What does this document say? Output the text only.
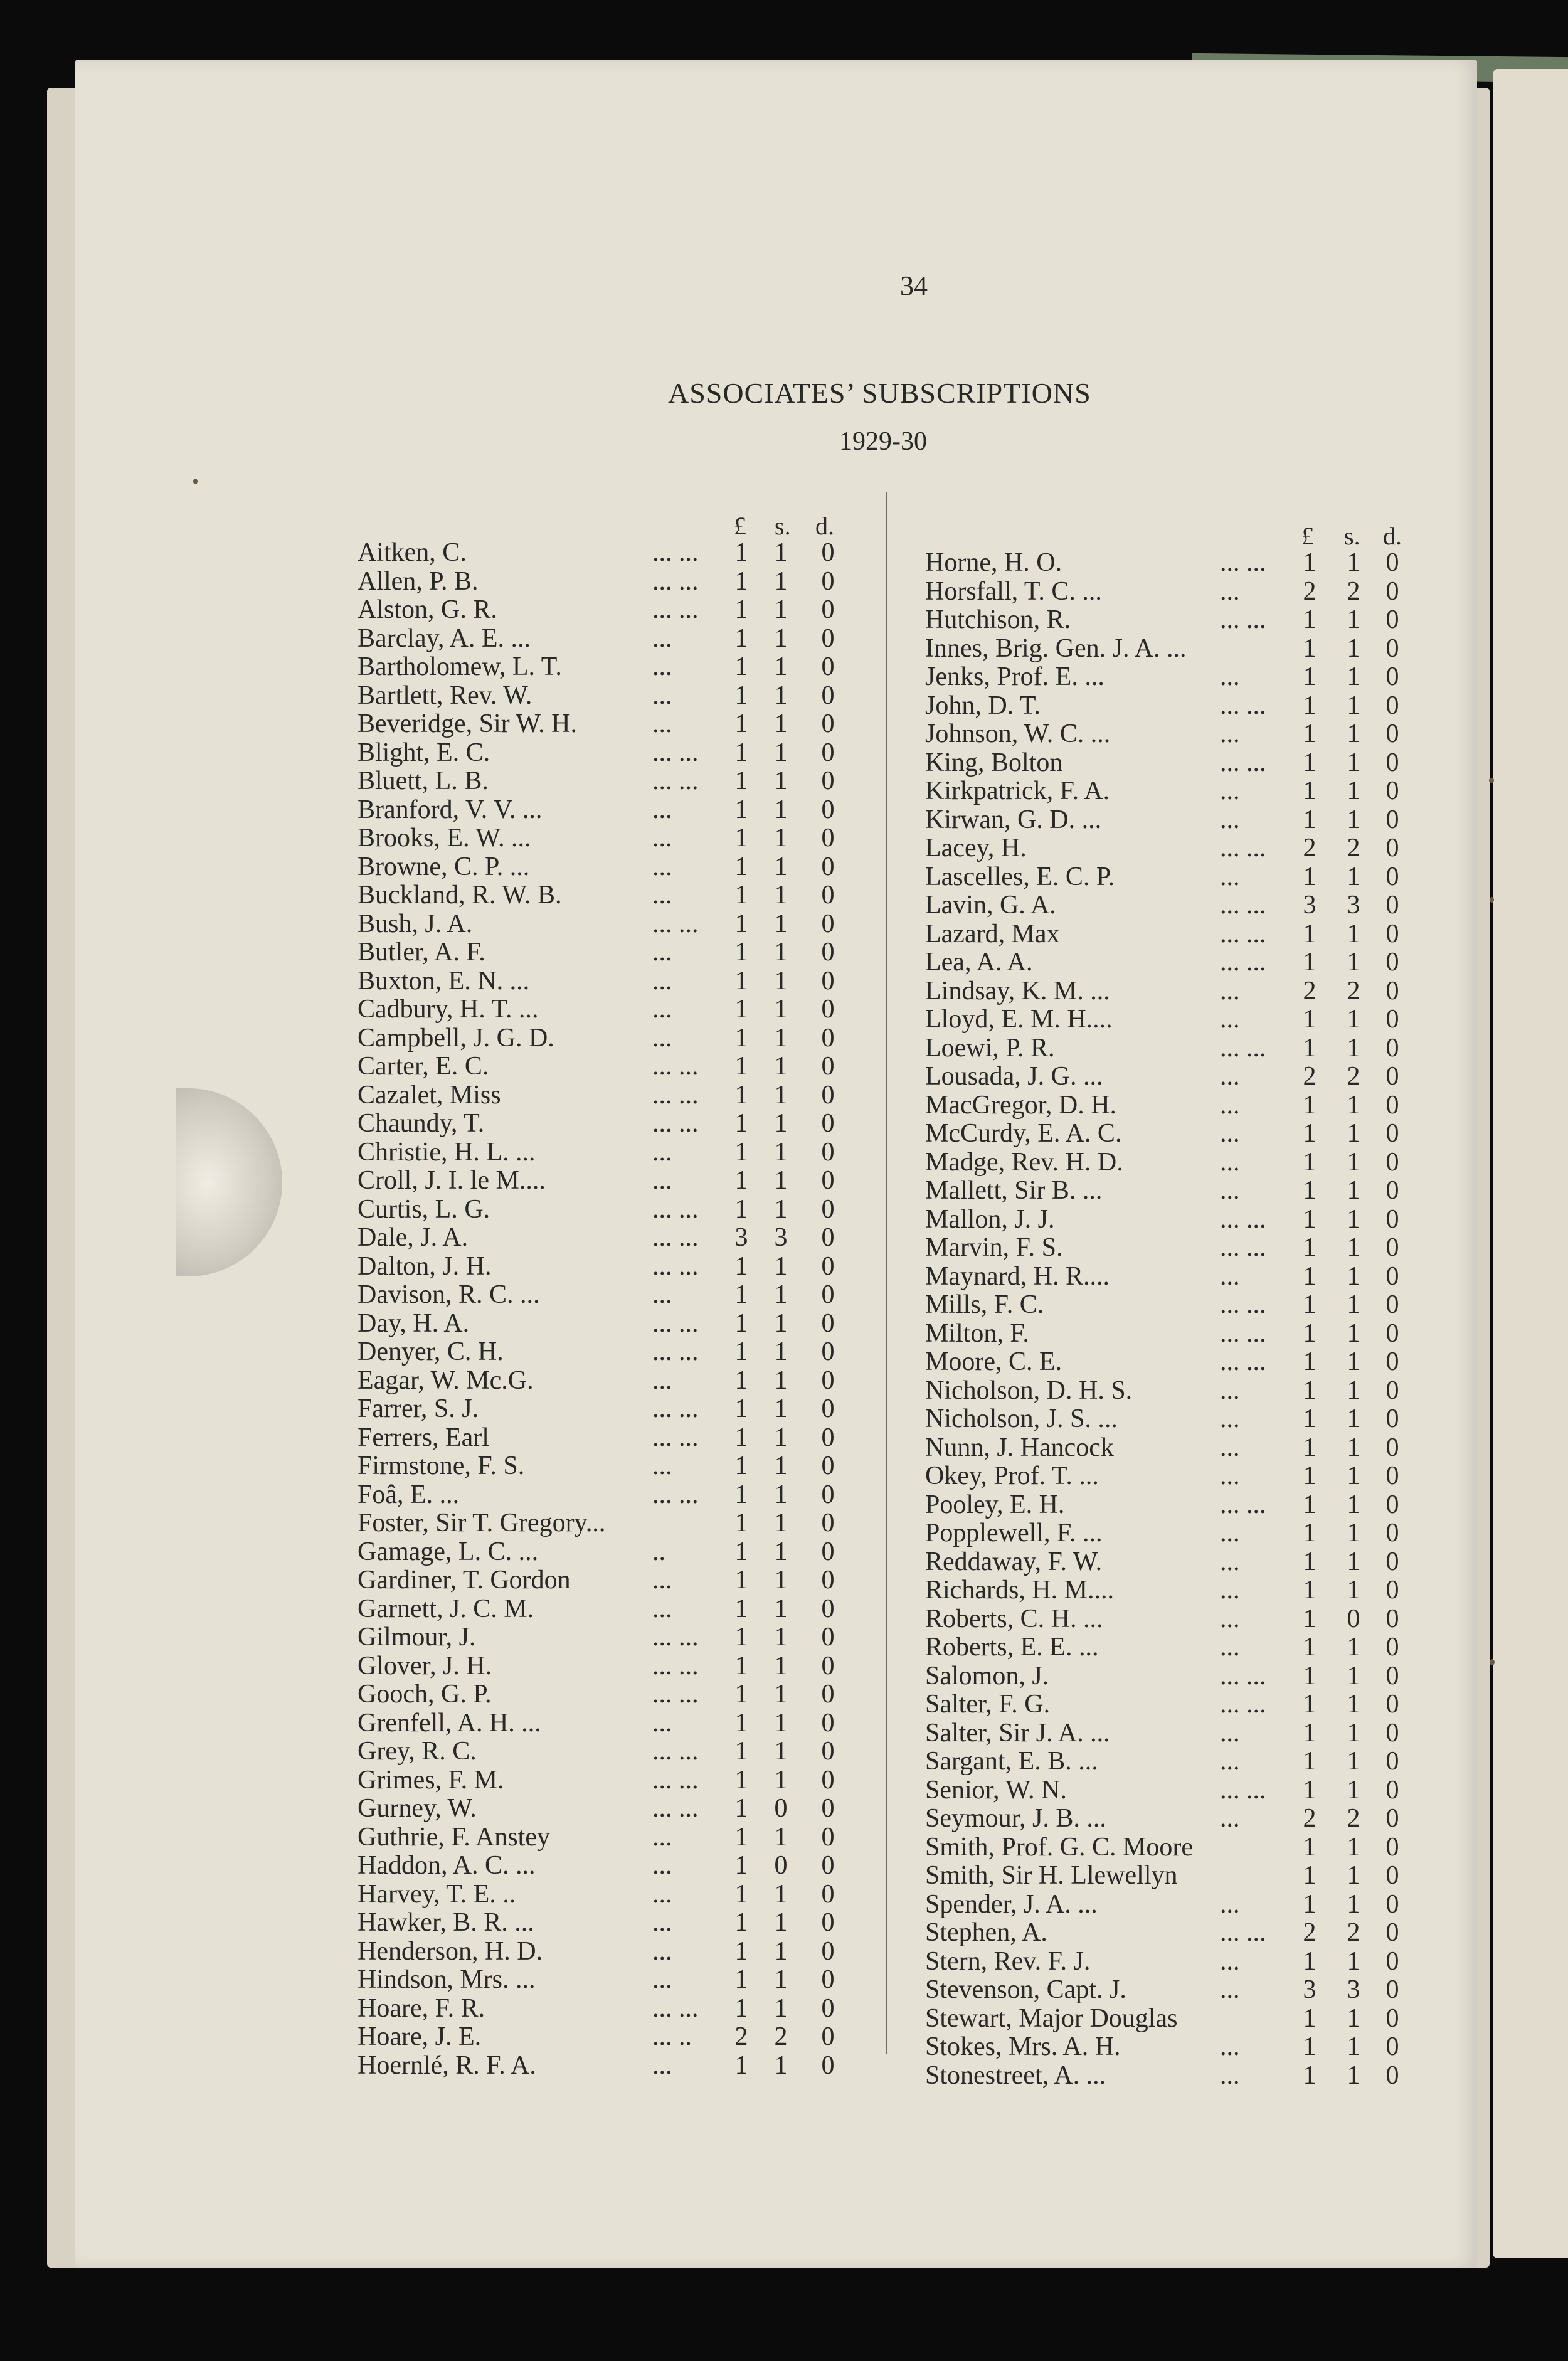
34
ASSOCIATES’ SUBSCRIPTIONS
1929-30
£ s. d.
Aitken, C.	... ... 1 1 0
Allen, P. B.	... ... 1 1 0
Alston, G. R.	... ... 1 1 0
Barclay, A. E. ...	... 1 1 0
Bartholomew, L. T.	... 1 1 0
Bartlett, Rev. W.	... 1 1 0
Beveridge, Sir W. H.	... 1 1 0
Blight, E. C.	... ... 1 1 0
Bluett, L. B.	... ... 1 1 0
Branford, V. V. ...	... 1 1 0
Brooks, E. W. ...	... 1 1 0
Browne, C. P. ...	... 1 1 0
Buckland, R. W. B.	... 1 1 0
Bush, J. A.	... ... 1 1 0
Butler, A. F.	... 1 1 0
Buxton, E. N. ...	... 1 1 0
Cadbury, H. T. ...	... 1 1 0
Campbell, J. G. D.	... 1 1 0
Carter, E. C.	... ... 1 1 0
Cazalet, Miss	... ... 1 1 0
Chaundy, T.	... ... 1 1 0
Christie, H. L. ...	... 1 1 0
Croll, J. I. le M....	... 1 1 0
Curtis, L. G.	... ... 1 1 0
Dale, J. A.	... ... 3 3 0
Dalton, J. H.	... ... 1 1 0
Davison, R. C. ...	... 1 1 0
Day, H. A.	... ... 1 1 0
Denyer, C. H.	... ... 1 1 0
Eagar, W. Mc.G.	... 1 1 0
Farrer, S. J.	... ... 1 1 0
Ferrers, Earl	... ... 1 1 0
Firmstone, F. S.	... 1 1 0
Foâ, E. ...	... ... 1 1 0
Foster, Sir T. Gregory...	1 1 0
Gamage, L. C. ...	..	1 1 0
Gardiner, T. Gordon	... 1 1 0
Garnett, J. C. M.	... 1 1 0
Gilmour, J.	... ... 1 1 0
Glover, J. H.	... ... 1 1 0
Gooch, G. P.	... ... 1 1 0
Grenfell, A. H. ...	... 1 1 0
Grey, R. C.	... ... 1 1 0
Grimes, F. M.	... ... 1 1 0
Gurney, W.	... ... 1 0 0
Guthrie, F. Anstey	... 1 1 0
Haddon, A. C. ...	... 1 0 0
Harvey, T. E. ..	... 1 1 0
Hawker, B. R. ...	... 1 1 0
Henderson, H. D.	... 1 1 0
Hindson, Mrs. ...	... 1 1 0
Hoare, F. R.	... ... 1 1 0
Hoare, J. E.	... .. 2 2 0
Hoernlé, R. F. A.	... 1 1 0
£ s. d.
Horne, H. O.	... ... 1 1 0
Horsfall, T. C. ...	... 2 2 0
Hutchison, R.	... ... 1 1 0
Innes, Brig. Gen. J. A. ...	1 1 0
Jenks, Prof. E. ...	... 1 1 0
John, D. T.	... ... 1 1 0
Johnson, W. C. ...	... 1 1 0
King, Bolton	... ... 1 1 0
Kirkpatrick, F. A.	... 1 1 0
Kirwan, G. D. ...	... 1 1 0
Lacey, H.	... ... 2 2 0
Lascelles, E. C. P.	... 1 1 0
Lavin, G. A.	... ... 3 3 0
Lazard, Max	... ... 1 1 0
Lea, A. A.	... ... 1 1 0
Lindsay, K. M. ...	... 2 2 0
Lloyd, E. M. H....	... 1 1 0
Loewi, P. R.	... ... 1 1 0
Lousada, J. G. ...	... 2 2 0
MacGregor, D. H.	... 1 1 0
McCurdy, E. A. C.	... 1 1 0
Madge, Rev. H. D.	... 1 1 0
Mallett, Sir B. ...	... 1 1 0
Mallon, J. J.	... ... 1 1 0
Marvin, F. S.	... ... 1 1 0
Maynard, H. R....	... 1 1 0
Mills, F. C.	... ... 1 1 0
Milton, F.	... ... 1 1 0
Moore, C. E.	... ... 1 1 0
Nicholson, D. H. S.	... 1 1 0
Nicholson, J. S. ...	... 1 1 0
Nunn, J. Hancock	... 1 1 0
Okey, Prof. T. ...	... 1 1 0
Pooley, E. H.	... ... 1 1 0
Popplewell, F. ...	... 1 1 0
Reddaway, F. W.	... 1 1 0
Richards, H. M....	... 1 1 0
Roberts, C. H. ...	... 1 0 0
Roberts, E. E. ...	... 1 1 0
Salomon, J.	... ... 1 1 0
Salter, F. G.	... ... 1 1 0
Salter, Sir J. A. ...	... 1 1 0
Sargant, E. B. ...	... 1 1 0
Senior, W. N.	... ... 1 1 0
Seymour, J. B. ...	... 2 2 0
Smith, Prof. G. C. Moore	1 1 0
Smith, Sir H. Llewellyn	1 1 0
Spender, J. A. ...	... 1 1 0
Stephen, A.	... ... 2 2 0
Stern, Rev. F. J.	... 1 1 0
Stevenson, Capt. J.	... 3 3 0
Stewart, Major Douglas	1 1 0
Stokes, Mrs. A. H.	... 1 1 0
Stonestreet, A. ...	... 1 1 0
